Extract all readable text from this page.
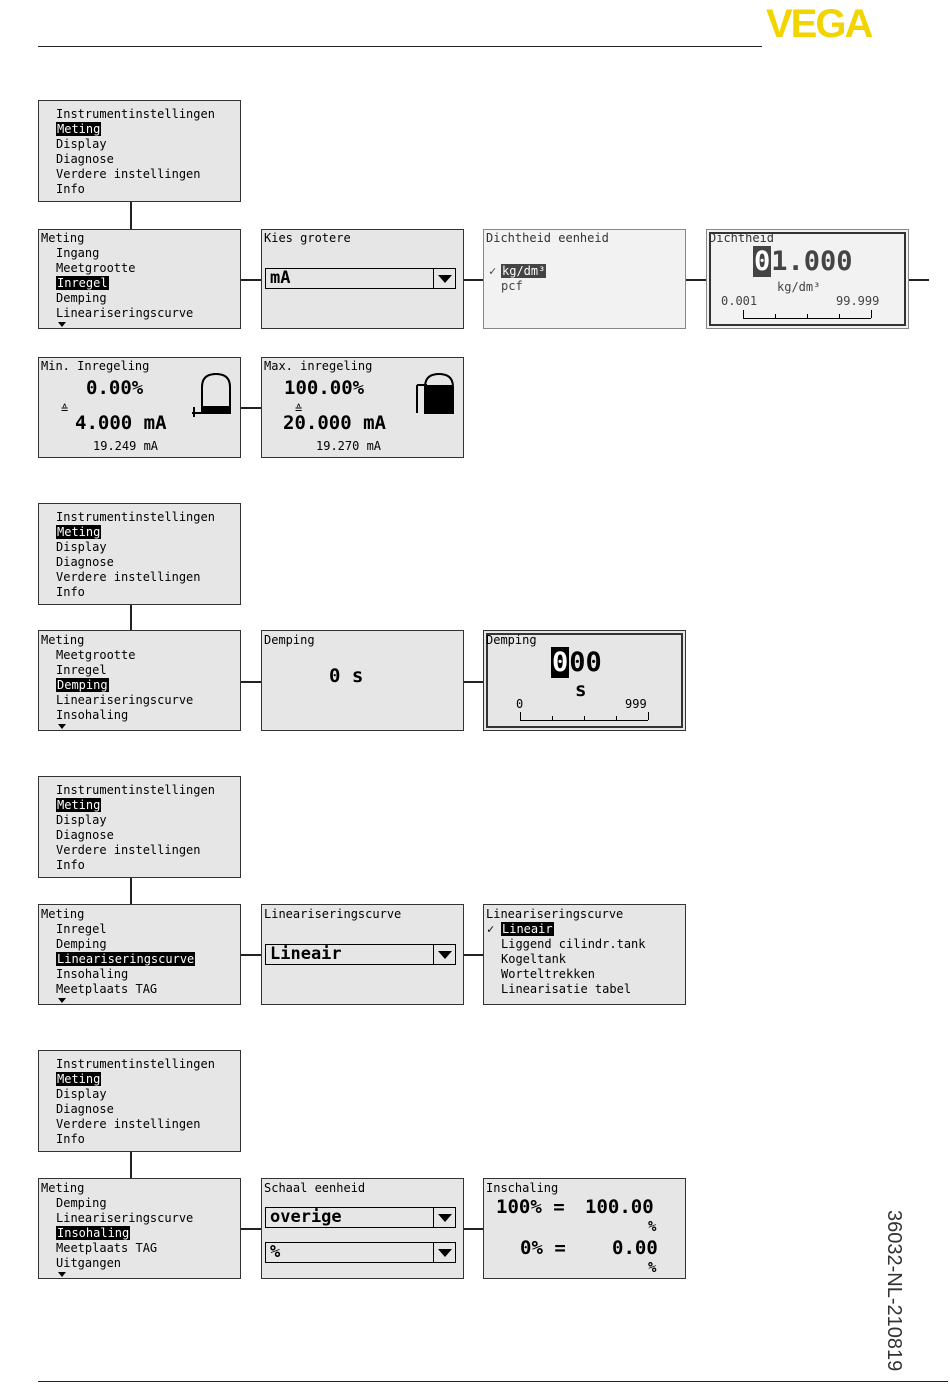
VEGA
36032-NL-210819
Instrumentinstellingen
Meting
Display
Diagnose
Verdere instellingen
Info
Meting
Ingang
Meetgrootte
Inregel
Demping
Lineariseringscurve
Kies grotere
mA
Dichtheid eenheid
✓ kg/dm³
pcf
Dichtheid
01.000
kg/dm³
0.001	99.999
Min. Inregeling
0.00%
≙
4.000 mA
19.249 mA
Max. inregeling
100.00%
≙
20.000 mA
19.270 mA
Instrumentinstellingen
Meting
Display
Diagnose
Verdere instellingen
Info
Meting
Meetgrootte
Inregel
Demping
Lineariseringscurve
Insohaling
Demping
0 s
Demping
000
s
0	999
Instrumentinstellingen
Meting
Display
Diagnose
Verdere instellingen
Info
Meting
Inregel
Demping
Lineariseringscurve
Insohaling
Meetplaats TAG
Lineariseringscurve
Lineair
Lineariseringscurve
✓ Lineair
Liggend cilindr.tank
Kogeltank
Worteltrekken
Linearisatie tabel
Instrumentinstellingen
Meting
Display
Diagnose
Verdere instellingen
Info
Meting
Demping
Lineariseringscurve
Insohaling
Meetplaats TAG
Uitgangen
Schaal eenheid
overige
%
Inschaling
100% = 100.00
%
0% = 0.00
%
